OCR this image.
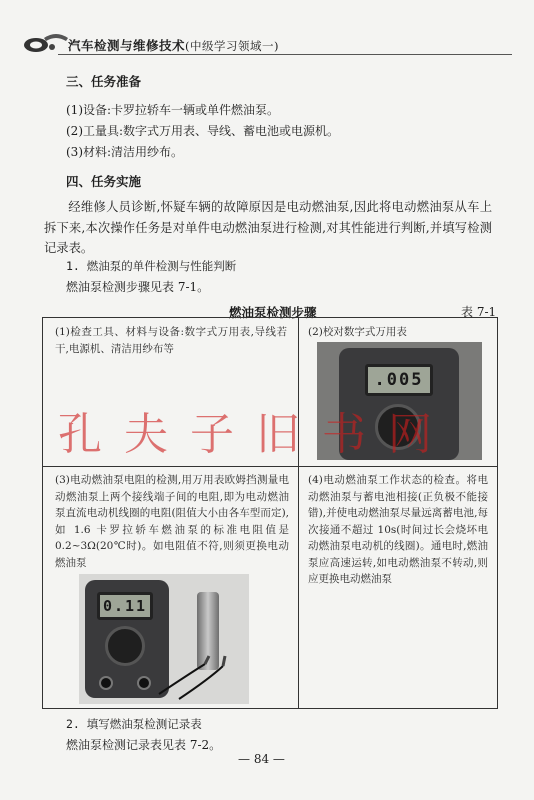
汽车检测与维修技术(中级学习领域一)
三、任务准备
(1)设备:卡罗拉轿车一辆或单件燃油泵。
(2)工量具:数字式万用表、导线、蓄电池或电源机。
(3)材料:清洁用纱布。
四、任务实施
经维修人员诊断,怀疑车辆的故障原因是电动燃油泵,因此将电动燃油泵从车上拆下来,本次操作任务是对单件电动燃油泵进行检测,对其性能进行判断,并填写检测记录表。
1. 燃油泵的单件检测与性能判断
燃油泵检测步骤见表 7-1。
燃油泵检测步骤	表 7-1
(1)检查工具、材料与设备:数字式万用表,导线若干,电源机、清洁用纱布等
(2)校对数字式万用表
.005
(3)电动燃油泵电阻的检测,用万用表欧姆挡测量电动燃油泵上两个接线端子间的电阻,即为电动燃油泵直流电动机线圈的电阻(阻值大小由各车型而定),如 1.6 卡罗拉轿车燃油泵的标准电阻值是 0.2~3Ω(20℃时)。如电阻值不符,则须更换电动燃油泵
(4)电动燃油泵工作状态的检查。将电动燃油泵与蓄电池相接(正负极不能接错),并使电动燃油泵尽量远离蓄电池,每次接通不超过 10s(时间过长会烧坏电动燃油泵电动机的线圈)。通电时,燃油泵应高速运转,如电动燃油泵不转动,则应更换电动燃油泵
0.11
孔夫子旧书网
2. 填写燃油泵检测记录表
燃油泵检测记录表见表 7-2。
— 84 —
